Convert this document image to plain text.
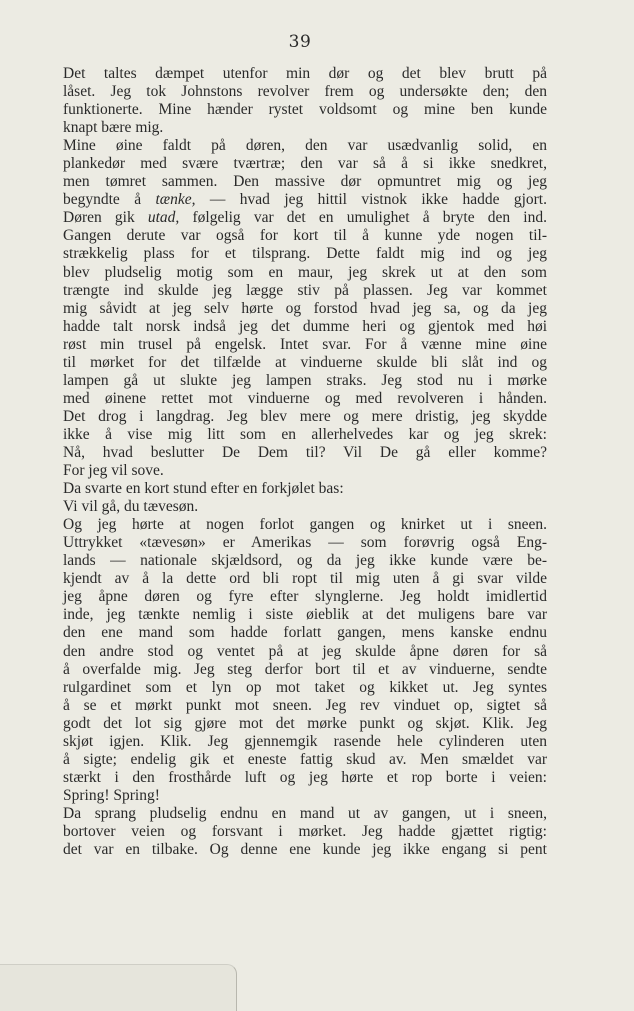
39
Det taltes dæmpet utenfor min dør og det blev brutt på
låset. Jeg tok Johnstons revolver frem og undersøkte den; den
funktionerte. Mine hænder rystet voldsomt og mine ben kunde
knapt bære mig.
Mine øine faldt på døren, den var usædvanlig solid, en
plankedør med svære tværtræ; den var så å si ikke snedkret,
men tømret sammen. Den massive dør opmuntret mig og jeg
begyndte å tænke, — hvad jeg hittil vistnok ikke hadde gjort.
Døren gik utad, følgelig var det en umulighet å bryte den ind.
Gangen derute var også for kort til å kunne yde nogen til-
strækkelig plass for et tilsprang. Dette faldt mig ind og jeg
blev pludselig motig som en maur, jeg skrek ut at den som
trængte ind skulde jeg lægge stiv på plassen. Jeg var kommet
mig såvidt at jeg selv hørte og forstod hvad jeg sa, og da jeg
hadde talt norsk indså jeg det dumme heri og gjentok med høi
røst min trusel på engelsk. Intet svar. For å vænne mine øine
til mørket for det tilfælde at vinduerne skulde bli slåt ind og
lampen gå ut slukte jeg lampen straks. Jeg stod nu i mørke
med øinene rettet mot vinduerne og med revolveren i hånden.
Det drog i langdrag. Jeg blev mere og mere dristig, jeg skydde
ikke å vise mig litt som en allerhelvedes kar og jeg skrek:
Nå, hvad beslutter De Dem til? Vil De gå eller komme?
For jeg vil sove.
Da svarte en kort stund efter en forkjølet bas:
Vi vil gå, du tævesøn.
Og jeg hørte at nogen forlot gangen og knirket ut i sneen.
Uttrykket «tævesøn» er Amerikas — som forøvrig også Eng-
lands — nationale skjældsord, og da jeg ikke kunde være be-
kjendt av å la dette ord bli ropt til mig uten å gi svar vilde
jeg åpne døren og fyre efter slynglerne. Jeg holdt imidlertid
inde, jeg tænkte nemlig i siste øieblik at det muligens bare var
den ene mand som hadde forlatt gangen, mens kanske endnu
den andre stod og ventet på at jeg skulde åpne døren for så
å overfalde mig. Jeg steg derfor bort til et av vinduerne, sendte
rulgardinet som et lyn op mot taket og kikket ut. Jeg syntes
å se et mørkt punkt mot sneen. Jeg rev vinduet op, sigtet så
godt det lot sig gjøre mot det mørke punkt og skjøt. Klik. Jeg
skjøt igjen. Klik. Jeg gjennemgik rasende hele cylinderen uten
å sigte; endelig gik et eneste fattig skud av. Men smældet var
stærkt i den frosthårde luft og jeg hørte et rop borte i veien:
Spring! Spring!
Da sprang pludselig endnu en mand ut av gangen, ut i sneen,
bortover veien og forsvant i mørket. Jeg hadde gjættet rigtig:
det var en tilbake. Og denne ene kunde jeg ikke engang si pent
